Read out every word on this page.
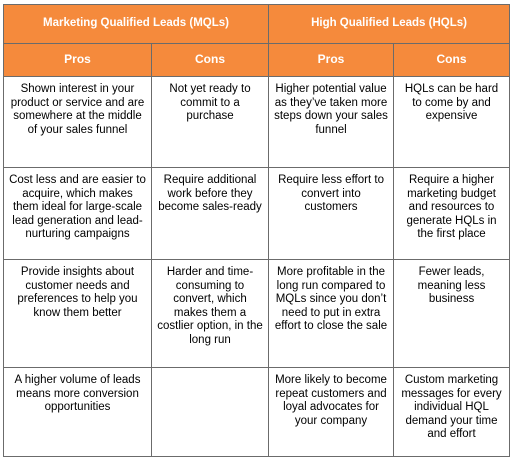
Marketing Qualified Leads (MQLs)		High Qualified Leads (HQLs)	
Pros	Cons	Pros	Cons
Shown interest in your product or service and are somewhere at the middle of your sales funnel	Not yet ready to commit to a purchase	Higher potential value as they’ve taken more steps down your sales funnel	HQLs can be hard to come by and expensive
Cost less and are easier to acquire, which makes them ideal for large-scale lead generation and lead-nurturing campaigns	Require additional work before they become sales-ready	Require less effort to convert into customers	Require a higher marketing budget and resources to generate HQLs in the first place
Provide insights about customer needs and preferences to help you know them better	Harder and time-consuming to convert, which makes them a costlier option, in the long run	More profitable in the long run compared to MQLs since you don’t need to put in extra effort to close the sale	Fewer leads, meaning less business
A higher volume of leads means more conversion opportunities		More likely to become repeat customers and loyal advocates for your company	Custom marketing messages for every individual HQL demand your time and effort
